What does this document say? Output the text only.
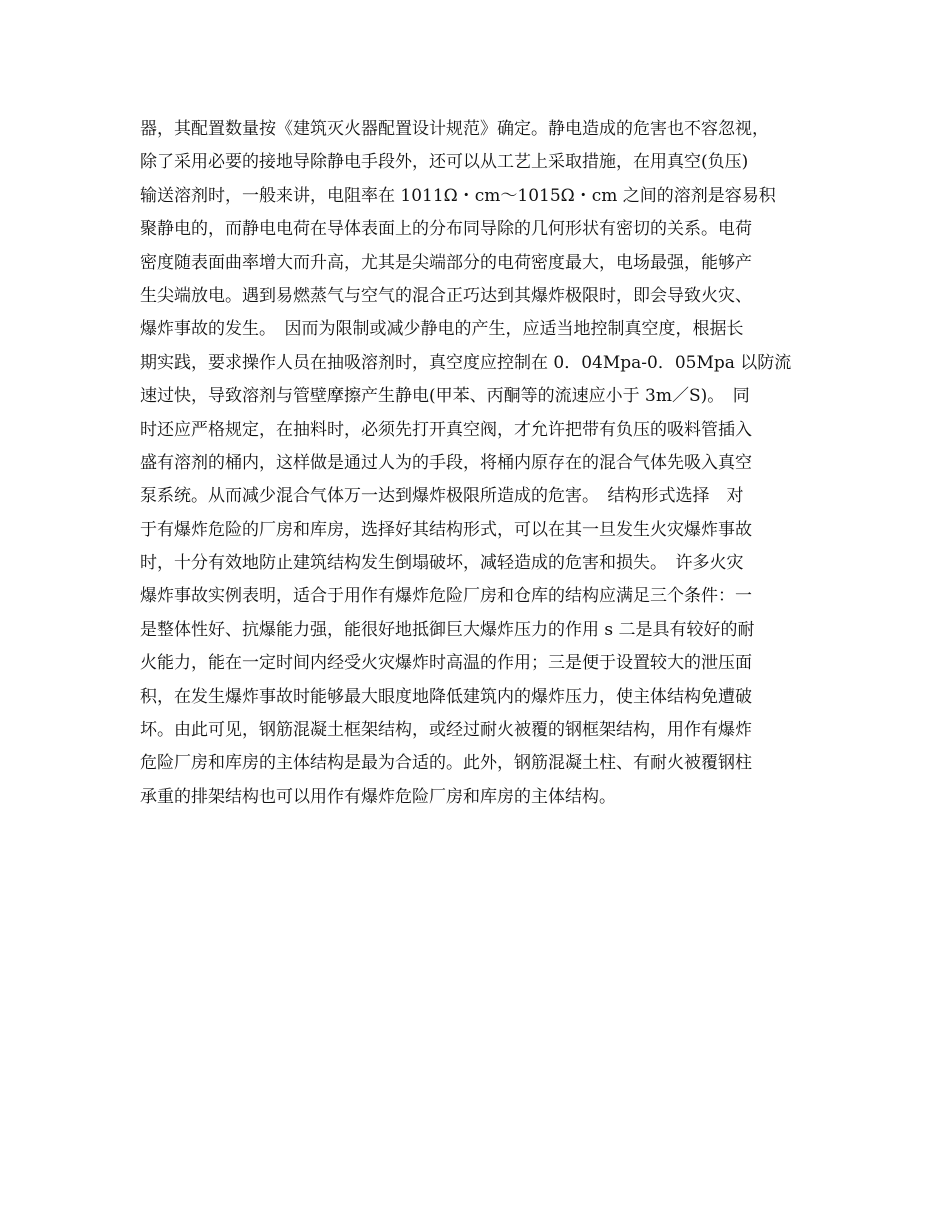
器，其配置数量按《建筑灭火器配置设计规范》确定。静电造成的危害也不容忽视，
除了采用必要的接地导除静电手段外，还可以从工艺上采取措施，在用真空(负压)
输送溶剂时，一般来讲，电阻率在 1011Ω・cm～1015Ω・cm 之间的溶剂是容易积
聚静电的，而静电电荷在导体表面上的分布同导除的几何形状有密切的关系。电荷
密度随表面曲率增大而升高，尤其是尖端部分的电荷密度最大，电场最强，能够产
生尖端放电。遇到易燃蒸气与空气的混合正巧达到其爆炸极限时，即会导致火灾、
爆炸事故的发生。　因而为限制或减少静电的产生，应适当地控制真空度，根据长
期实践，要求操作人员在抽吸溶剂时，真空度应控制在 0．04Mpa-0．05Mpa 以防流
速过快，导致溶剂与管壁摩擦产生静电(甲苯、丙酮等的流速应小于 3m／S)。　同
时还应严格规定，在抽料时，必须先打开真空阀，才允许把带有负压的吸料管插入
盛有溶剂的桶内，这样做是通过人为的手段，将桶内原存在的混合气体先吸入真空
泵系统。从而减少混合气体万一达到爆炸极限所造成的危害。　结构形式选择　对
于有爆炸危险的厂房和库房，选择好其结构形式，可以在其一旦发生火灾爆炸事故
时，十分有效地防止建筑结构发生倒塌破坏，减轻造成的危害和损失。　许多火灾
爆炸事故实例表明，适合于用作有爆炸危险厂房和仓库的结构应满足三个条件：一
是整体性好、抗爆能力强，能很好地抵御巨大爆炸压力的作用 s 二是具有较好的耐
火能力，能在一定时间内经受火灾爆炸时高温的作用；三是便于设置较大的泄压面
积，在发生爆炸事故时能够最大眼度地降低建筑内的爆炸压力，使主体结构免遭破
坏。由此可见，钢筋混凝土框架结构，或经过耐火被覆的钢框架结构，用作有爆炸
危险厂房和库房的主体结构是最为合适的。此外，钢筋混凝土柱、有耐火被覆钢柱
承重的排架结构也可以用作有爆炸危险厂房和库房的主体结构。
